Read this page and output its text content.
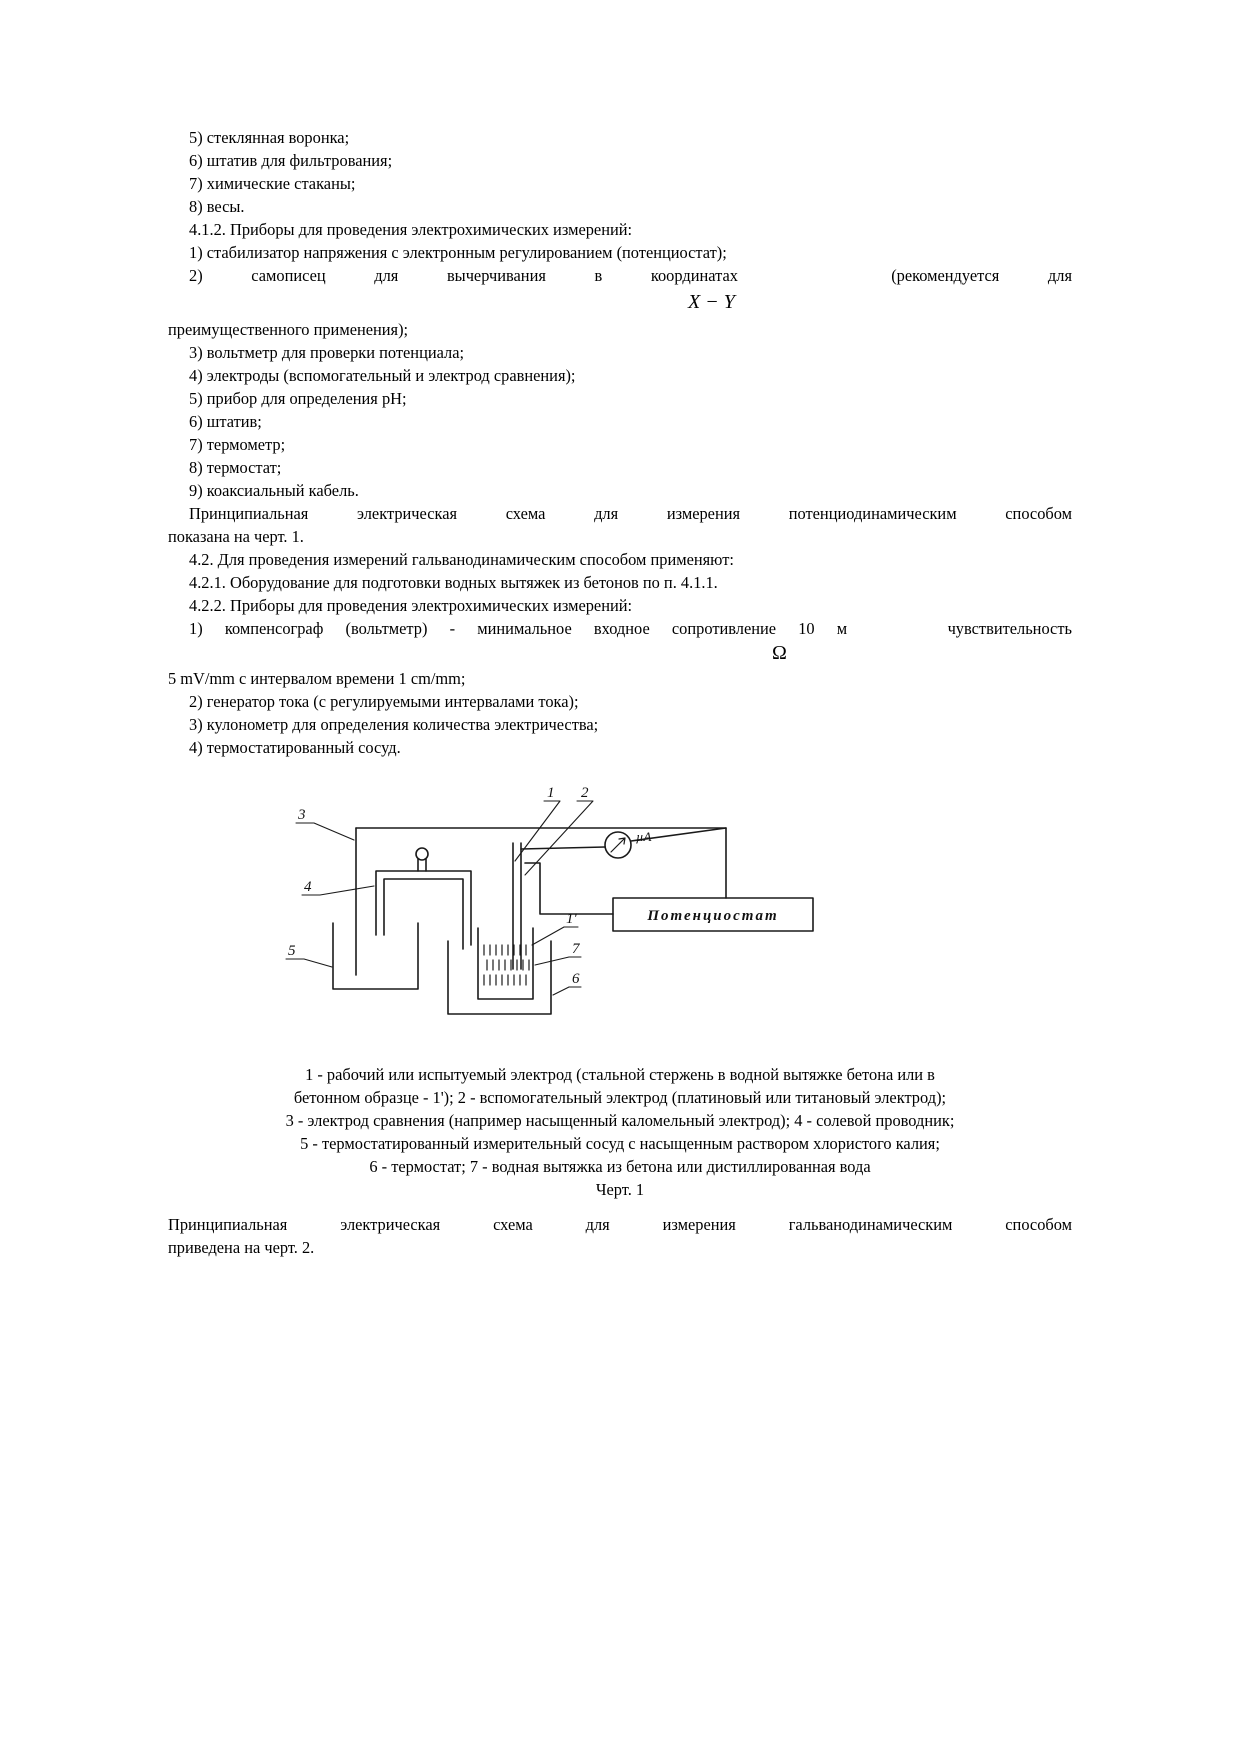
5) стеклянная воронка;
6) штатив для фильтрования;
7) химические стаканы;
8) весы.
4.1.2. Приборы для проведения электрохимических измерений:
1) стабилизатор напряжения с электронным регулированием (потенциостат);
2) самописец для вычерчивания в координатах	(рекомендуется для
X − Y
преимущественного применения);
3) вольтметр для проверки потенциала;
4) электроды (вспомогательный и электрод сравнения);
5) прибор для определения pH;
6) штатив;
7) термометр;
8) термостат;
9) коаксиальный кабель.
Принципиальная электрическая схема для измерения потенциодинамическим способом
показана на черт. 1.
4.2. Для проведения измерений гальванодинамическим способом применяют:
4.2.1. Оборудование для подготовки водных вытяжек из бетонов по п. 4.1.1.
4.2.2. Приборы для проведения электрохимических измерений:
1) компенсограф (вольтметр) - минимальное входное сопротивление 10 м	чувствительность
Ω
5 mV/mm с интервалом времени 1 cm/mm;
2) генератор тока (с регулируемыми интервалами тока);
3) кулонометр для определения количества электричества;
4) термостатированный сосуд.
µА
Потенциостат
3
4
5
1 2
1'
7
6
1 - рабочий или испытуемый электрод (стальной стержень в водной вытяжке бетона или в
бетонном образце - 1'); 2 - вспомогательный электрод (платиновый или титановый электрод);
3 - электрод сравнения (например насыщенный каломельный электрод); 4 - солевой проводник;
5 - термостатированный измерительный сосуд с насыщенным раствором хлористого калия;
6 - термостат; 7 - водная вытяжка из бетона или дистиллированная вода
Черт. 1
Принципиальная электрическая схема для измерения гальванодинамическим способом
приведена на черт. 2.
